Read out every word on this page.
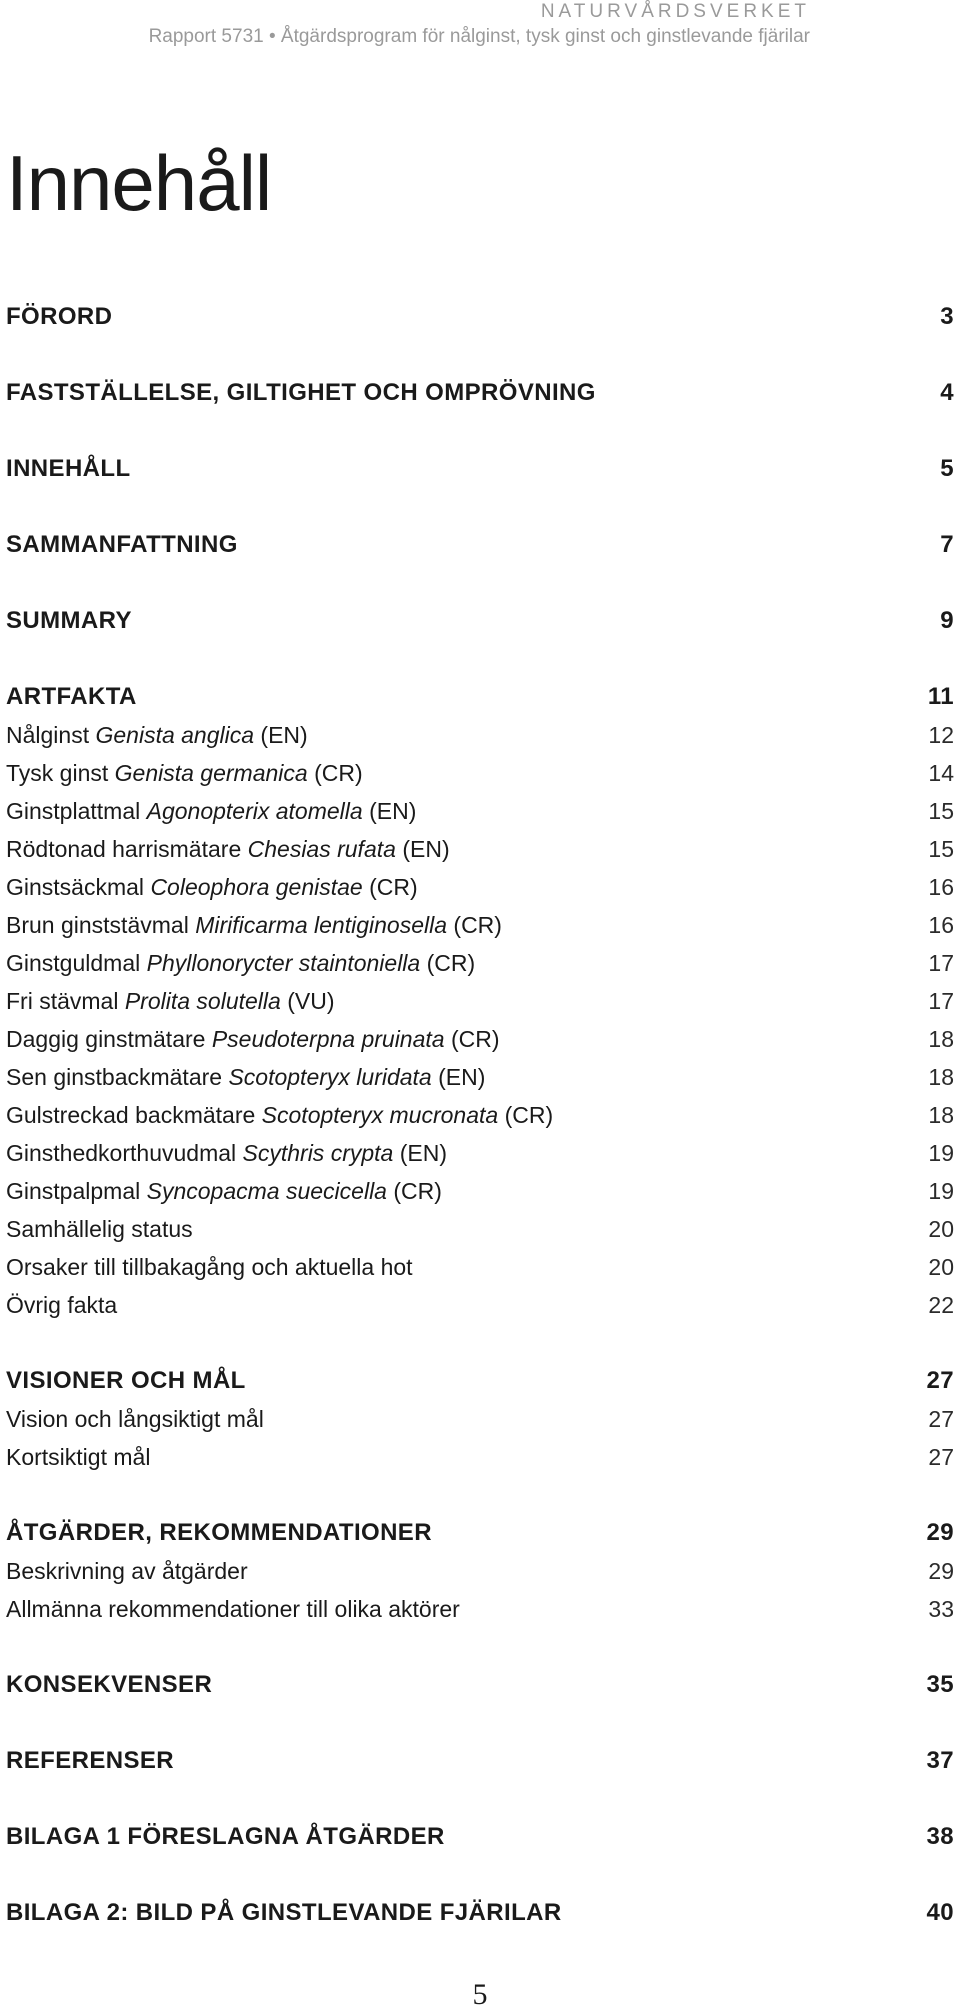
NATURVÅRDSVERKET
Rapport 5731 • Åtgärdsprogram för nålginst, tysk ginst och ginstlevande fjärilar
Innehåll
FÖRORD	3
FASTSTÄLLELSE, GILTIGHET OCH OMPRÖVNING	4
INNEHÅLL	5
SAMMANFATTNING	7
SUMMARY	9
ARTFAKTA	11
Nålginst Genista anglica (EN)	12
Tysk ginst Genista germanica (CR)	14
Ginstplattmal Agonopterix atomella (EN)	15
Rödtonad harrismätare Chesias rufata (EN)	15
Ginstsäckmal Coleophora genistae (CR)	16
Brun ginststävmal Mirificarma lentiginosella (CR)	16
Ginstguldmal Phyllonorycter staintoniella (CR)	17
Fri stävmal Prolita solutella (VU)	17
Daggig ginstmätare Pseudoterpna pruinata (CR)	18
Sen ginstbackmätare Scotopteryx luridata (EN)	18
Gulstreckad backmätare Scotopteryx mucronata (CR)	18
Ginsthedkorthuvudmal Scythris crypta (EN)	19
Ginstpalpmal Syncopacma suecicella (CR)	19
Samhällelig status	20
Orsaker till tillbakagång och aktuella hot	20
Övrig fakta	22
VISIONER OCH MÅL	27
Vision och långsiktigt mål	27
Kortsiktigt mål	27
ÅTGÄRDER, REKOMMENDATIONER	29
Beskrivning av åtgärder	29
Allmänna rekommendationer till olika aktörer	33
KONSEKVENSER	35
REFERENSER	37
BILAGA 1 FÖRESLAGNA ÅTGÄRDER	38
BILAGA 2: BILD PÅ GINSTLEVANDE FJÄRILAR	40
5
